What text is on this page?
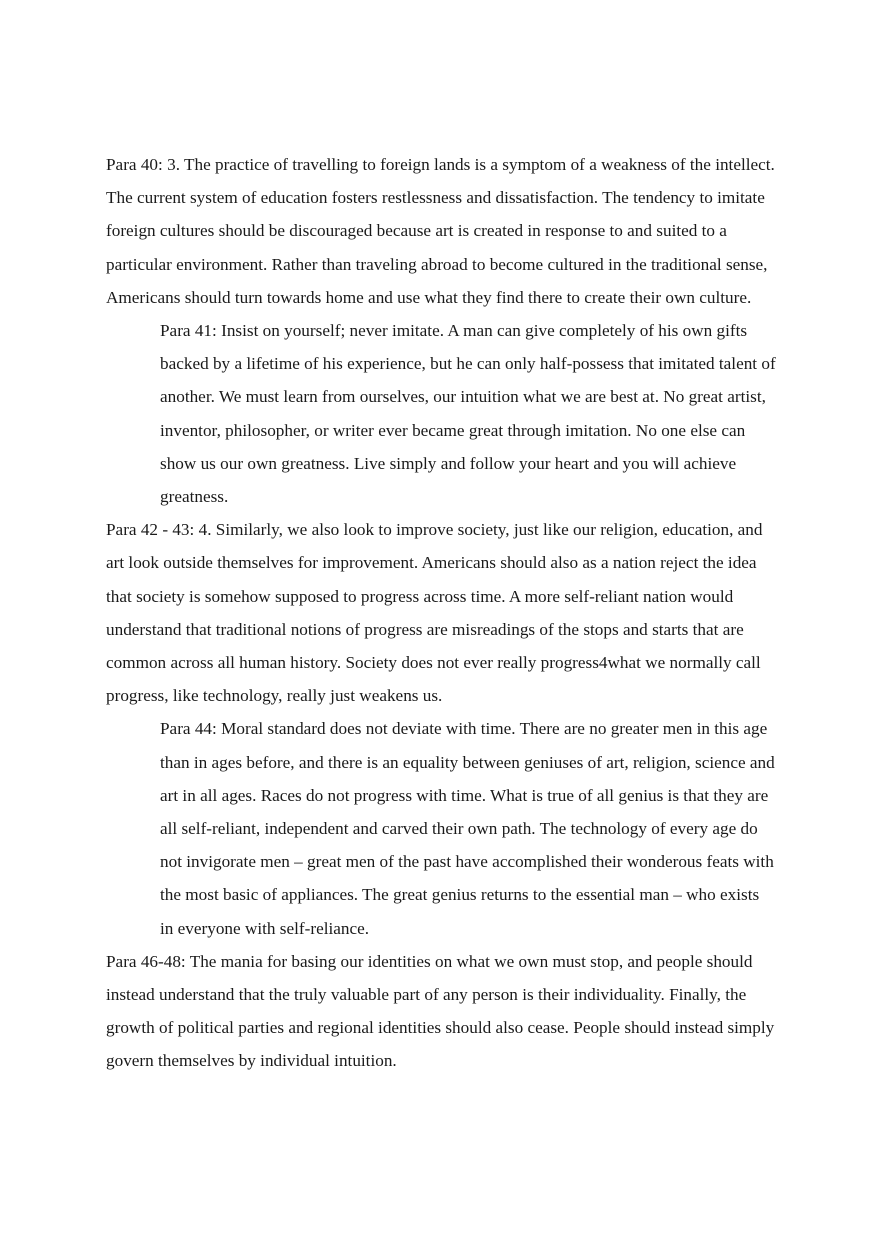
Para 40: 3. The practice of travelling to foreign lands is a symptom of a weakness of the intellect. The current system of education fosters restlessness and dissatisfaction. The tendency to imitate foreign cultures should be discouraged because art is created in response to and suited to a particular environment. Rather than traveling abroad to become cultured in the traditional sense, Americans should turn towards home and use what they find there to create their own culture.

Para 41: Insist on yourself; never imitate. A man can give completely of his own gifts backed by a lifetime of his experience, but he can only half-possess that imitated talent of another. We must learn from ourselves, our intuition what we are best at. No great artist, inventor, philosopher, or writer ever became great through imitation. No one else can show us our own greatness. Live simply and follow your heart and you will achieve greatness.

Para 42 - 43: 4. Similarly, we also look to improve society, just like our religion, education, and art look outside themselves for improvement. Americans should also as a nation reject the idea that society is somehow supposed to progress across time. A more self-reliant nation would understand that traditional notions of progress are misreadings of the stops and starts that are common across all human history. Society does not ever really progress4what we normally call progress, like technology, really just weakens us.

Para 44: Moral standard does not deviate with time. There are no greater men in this age than in ages before, and there is an equality between geniuses of art, religion, science and art in all ages. Races do not progress with time. What is true of all genius is that they are all self-reliant, independent and carved their own path. The technology of every age do not invigorate men – great men of the past have accomplished their wonderous feats with the most basic of appliances. The great genius returns to the essential man – who exists in everyone with self-reliance.

Para 46-48: The mania for basing our identities on what we own must stop, and people should instead understand that the truly valuable part of any person is their individuality. Finally, the growth of political parties and regional identities should also cease. People should instead simply govern themselves by individual intuition.
